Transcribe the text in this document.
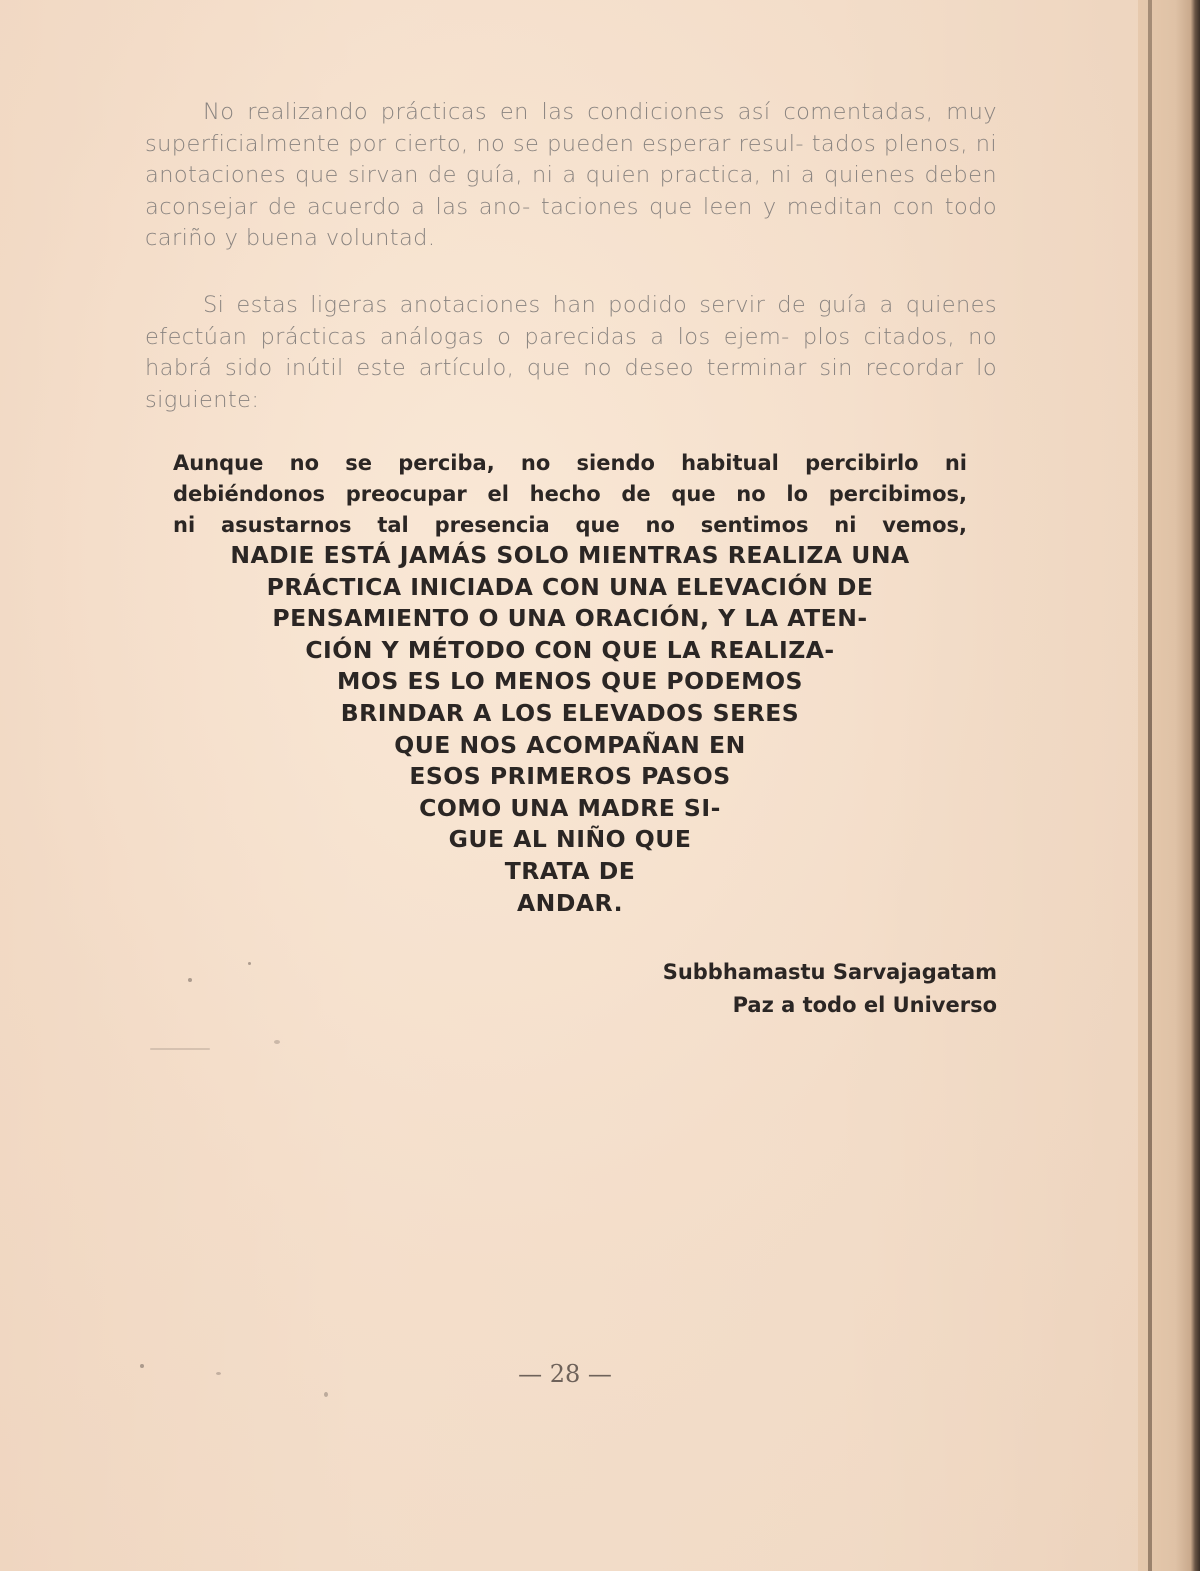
No realizando prácticas en las condiciones así comentadas, muy superficialmente por cierto, no se pueden esperar resul- tados plenos, ni anotaciones que sirvan de guía, ni a quien practica, ni a quienes deben aconsejar de acuerdo a las ano- taciones que leen y meditan con todo cariño y buena voluntad.

Si estas ligeras anotaciones han podido servir de guía a quienes efectúan prácticas análogas o parecidas a los ejem- plos citados, no habrá sido inútil este artículo, que no deseo terminar sin recordar lo siguiente:

Aunque no se perciba, no siendo habitual percibirlo ni
debiéndonos preocupar el hecho de que no lo percibimos,
ni asustarnos tal presencia que no sentimos ni vemos,
NADIE ESTÁ JAMÁS SOLO MIENTRAS REALIZA UNA
PRÁCTICA INICIADA CON UNA ELEVACIÓN DE
PENSAMIENTO O UNA ORACIÓN, Y LA ATEN-
CIÓN Y MÉTODO CON QUE LA REALIZA-
MOS ES LO MENOS QUE PODEMOS
BRINDAR A LOS ELEVADOS SERES
QUE NOS ACOMPAÑAN EN
ESOS PRIMEROS PASOS
COMO UNA MADRE SI-
GUE AL NIÑO QUE
TRATA DE
ANDAR.
Subbhamastu Sarvajagatam
Paz a todo el Universo

— 28 —
